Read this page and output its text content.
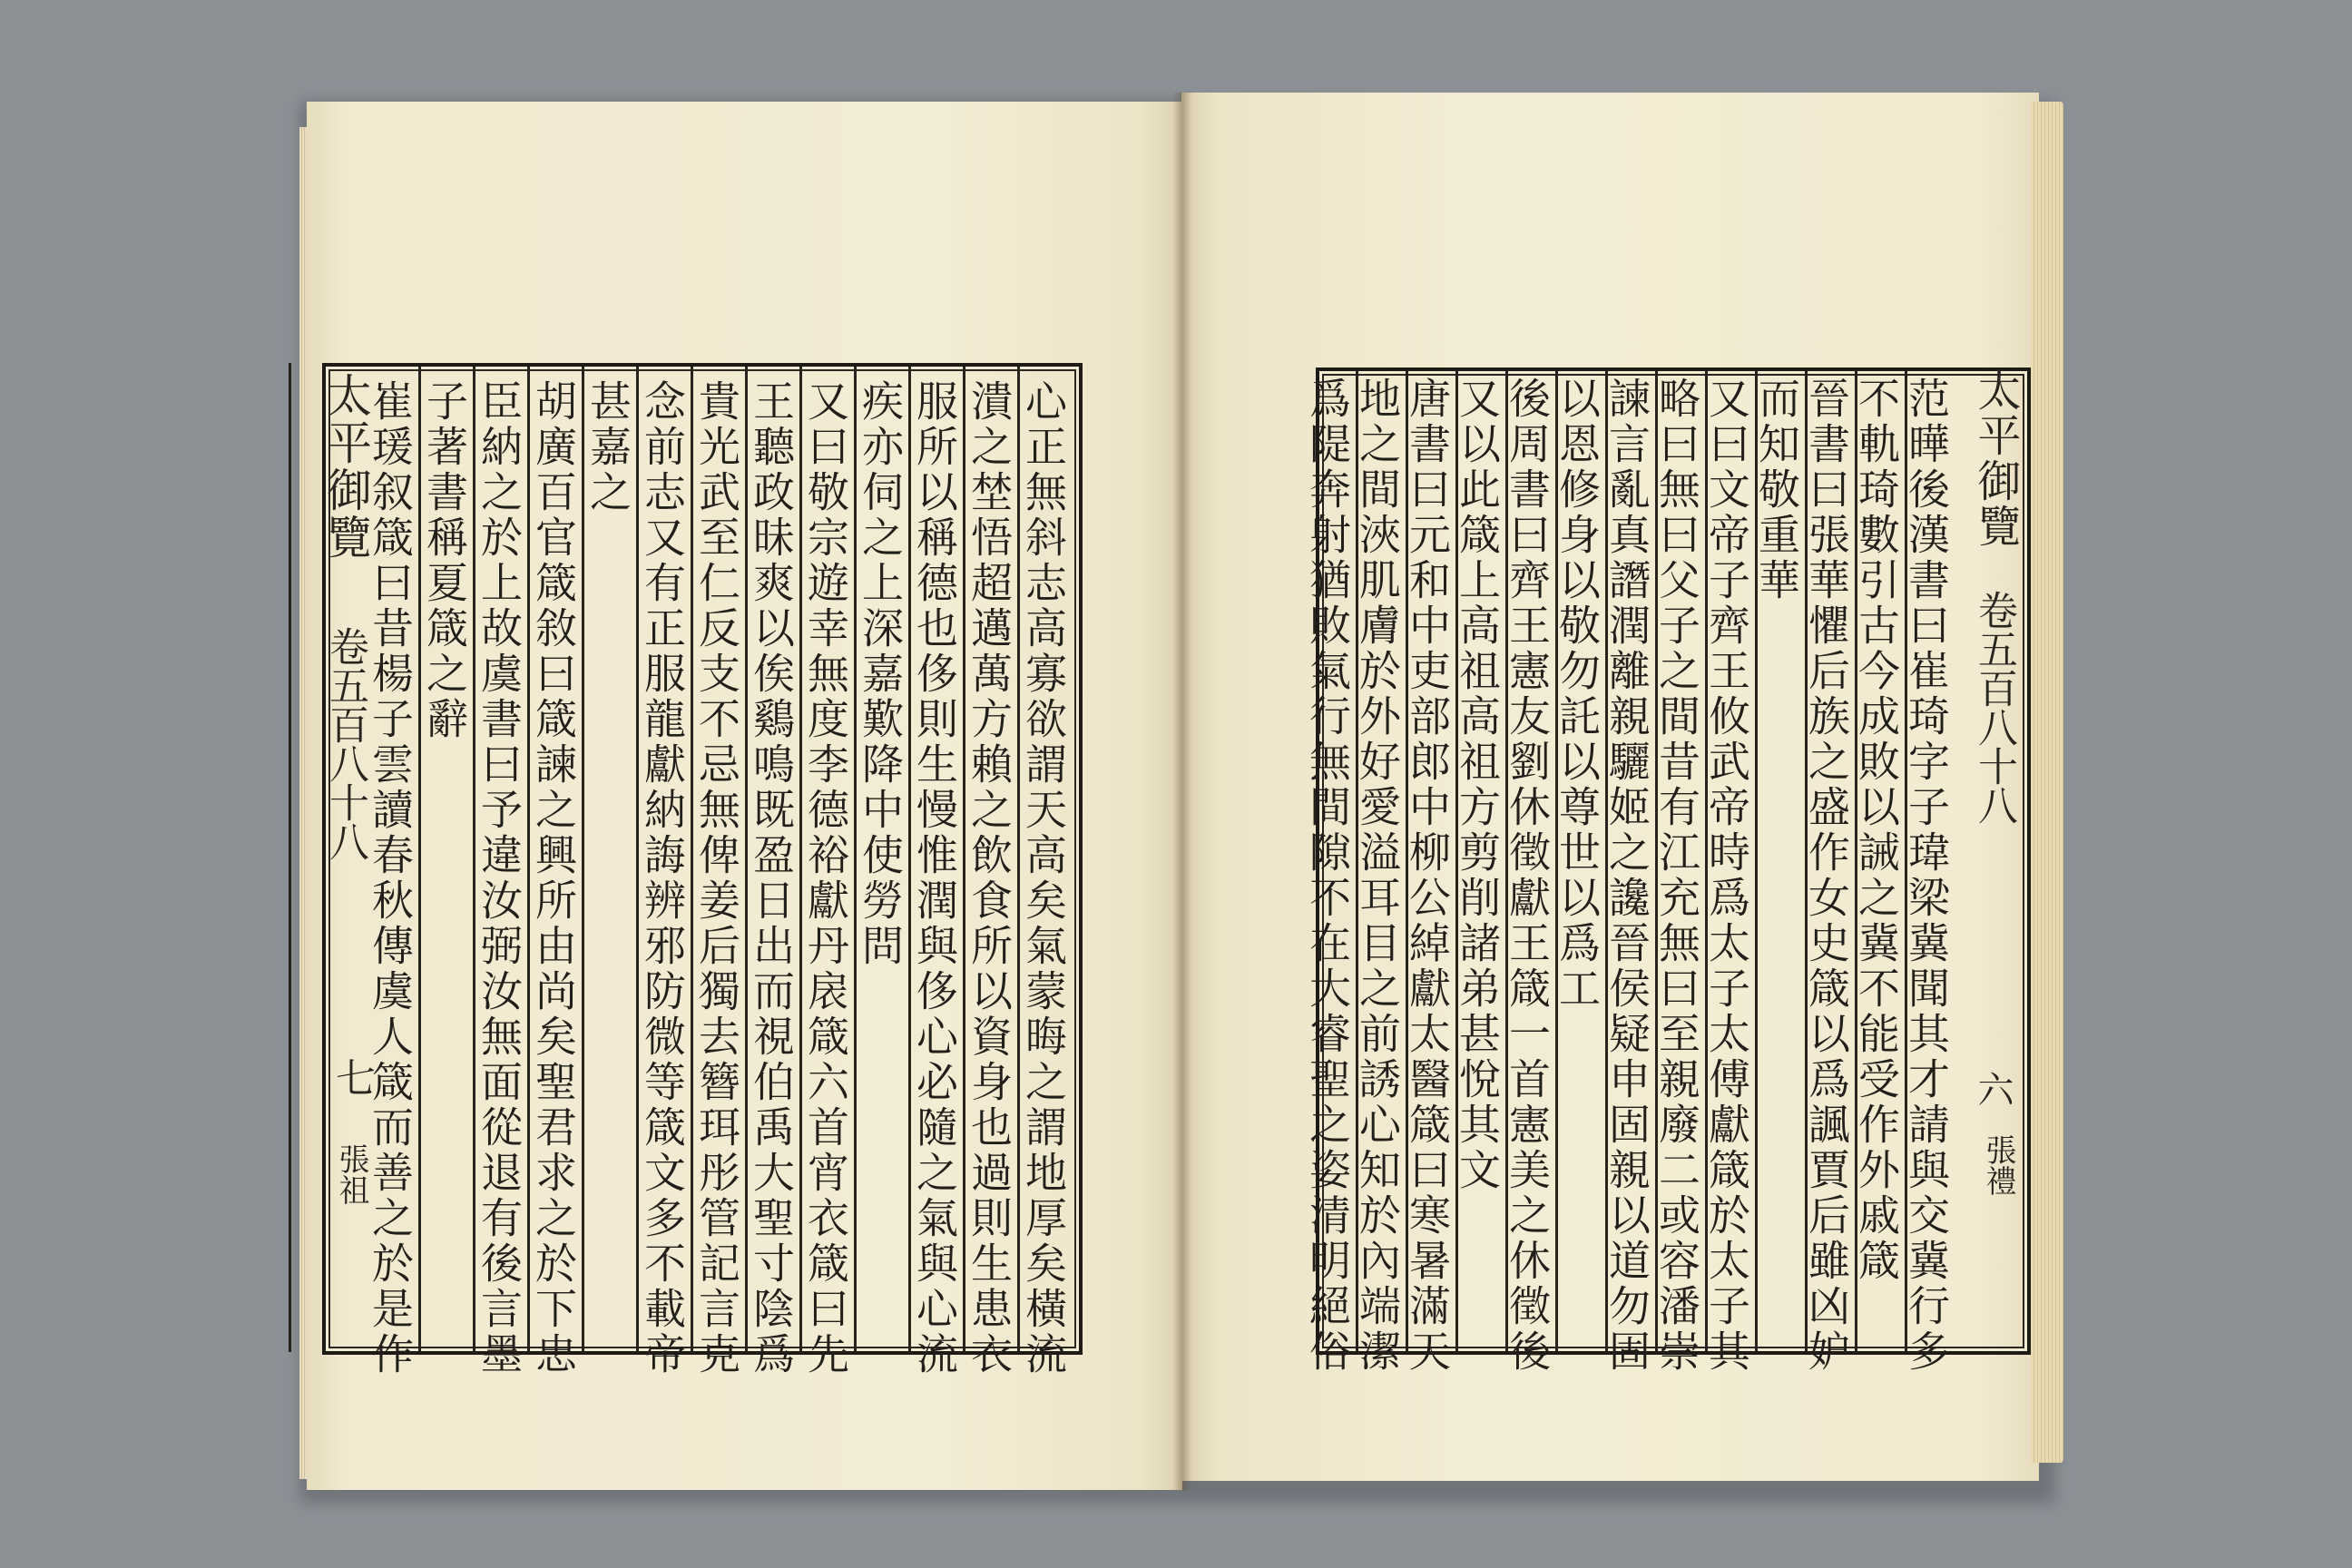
太平御覽
卷五百八十八
七
張祖
太平御覽
卷五百八十八
六
張禮
心正無斜志高寡欲謂天高矣氣蒙晦之謂地厚矣橫流
潰之埜悟超邁萬方賴之飲食所以資身也過則生患衣
服所以稱德也侈則生慢惟潤與侈心必隨之氣與心流
疾亦伺之上深嘉歎降中使勞問
又曰敬宗遊幸無度李德裕獻丹扆箴六首宵衣箴曰先
王聽政昧爽以俟鷄鳴既盈日出而視伯禹大聖寸陰爲
貴光武至仁反支不忌無俾姜后獨去簪珥彤管記言克
念前志又有正服龍獻納誨辨邪防微等箴文多不載帝
甚嘉之
胡廣百官箴敘曰箴諫之興所由尚矣聖君求之於下忠
臣納之於上故虞書曰予違汝弼汝無面從退有後言墨
子著書稱夏箴之辭
崔瑗叙箴曰昔楊子雲讀春秋傳虞人箴而善之於是作	范曄後漢書曰崔琦字子瑋梁冀聞其才請與交冀行多
不軌琦數引古今成敗以誡之冀不能受作外戚箴
晉書曰張華懼后族之盛作女史箴以爲諷賈后雖凶妒
而知敬重華
又曰文帝子齊王攸武帝時爲太子太傅獻箴於太子其
略曰無曰父子之間昔有江充無曰至親廢二或容潘崇
諫言亂真譖潤離親驪姬之讒晉侯疑申固親以道勿固
以恩修身以敬勿託以尊世以爲工
後周書曰齊王憲友劉休徵獻王箴一首憲美之休徵後
又以此箴上高祖高祖方剪削諸弟甚悅其文
唐書曰元和中吏部郎中柳公綽獻太醫箴曰寒暑滿天
地之間浹肌膚於外好愛溢耳目之前誘心知於內端潔
爲隄奔射猶敗氣行無間隙不在大睿聖之姿清明絕俗
